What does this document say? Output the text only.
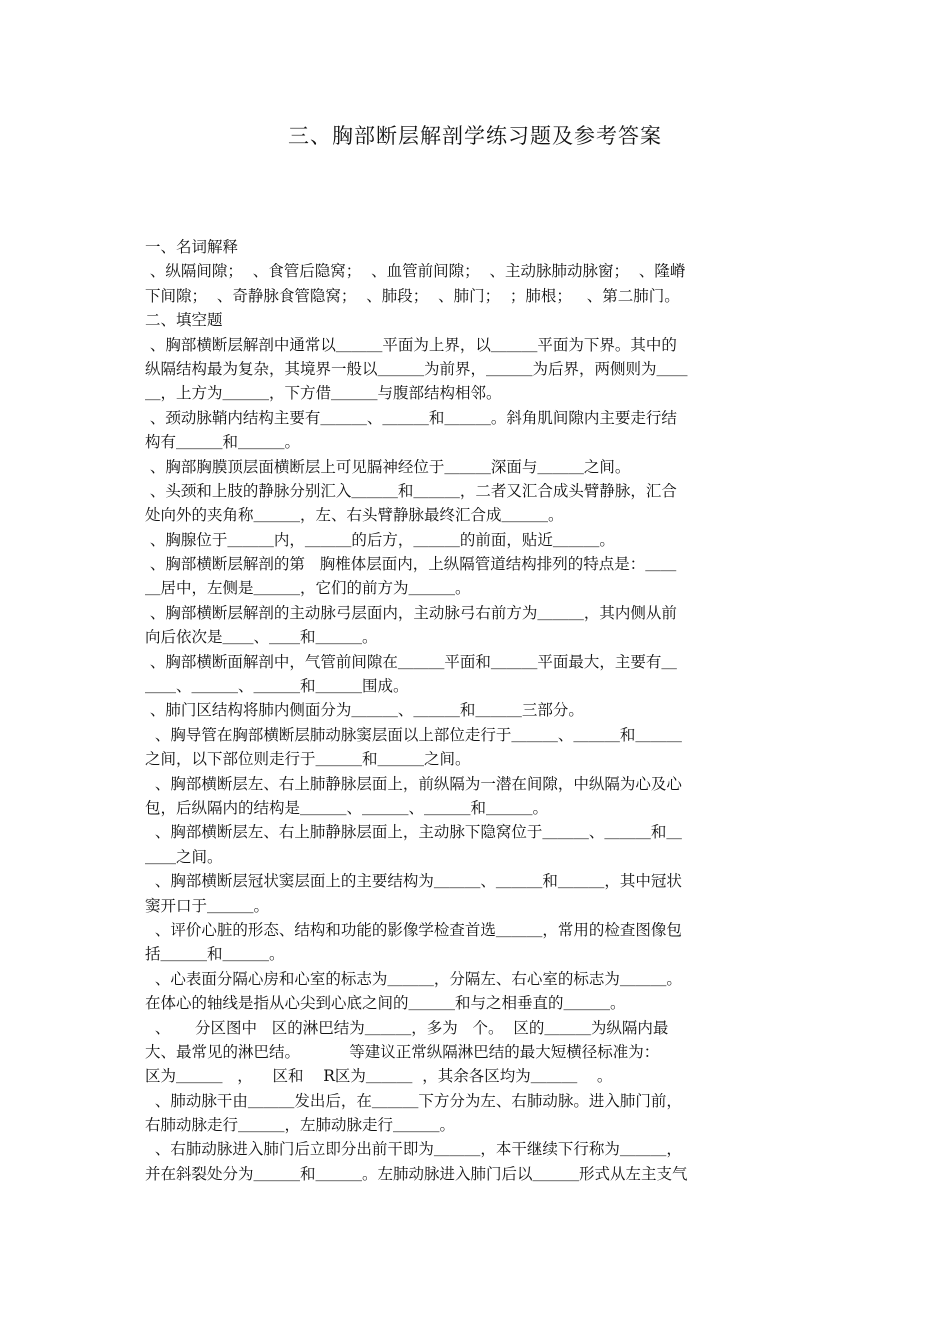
三、胸部断层解剖学练习题及参考答案
一、名词解释
、纵隔间隙；  、食管后隐窝；  、血管前间隙；  、主动脉肺动脉窗；  、隆嵴
下间隙；  、奇静脉食管隐窝；  、肺段；  、肺门；  ；肺根；   、第二肺门。
二、填空题
、胸部横断层解剖中通常以＿＿＿平面为上界，以＿＿＿平面为下界。其中的
纵隔结构最为复杂，其境界一般以＿＿＿为前界，＿＿＿为后界，两侧则为＿＿
＿，上方为＿＿＿，下方借＿＿＿与腹部结构相邻。
、颈动脉鞘内结构主要有＿＿＿、＿＿＿和＿＿＿。斜角肌间隙内主要走行结
构有＿＿＿和＿＿＿。
、胸部胸膜顶层面横断层上可见膈神经位于＿＿＿深面与＿＿＿之间。
、头颈和上肢的静脉分别汇入＿＿＿和＿＿＿，二者又汇合成头臂静脉，汇合
处向外的夹角称＿＿＿，左、右头臂静脉最终汇合成＿＿＿。
、胸腺位于＿＿＿内，＿＿＿的后方，＿＿＿的前面，贴近＿＿＿。
、胸部横断层解剖的第   胸椎体层面内，上纵隔管道结构排列的特点是：＿＿
＿居中，左侧是＿＿＿，它们的前方为＿＿＿。
、胸部横断层解剖的主动脉弓层面内，主动脉弓右前方为＿＿＿，其内侧从前
向后依次是＿＿、＿＿和＿＿＿。
、胸部横断面解剖中，气管前间隙在＿＿＿平面和＿＿＿平面最大，主要有＿
＿＿、＿＿＿、＿＿＿和＿＿＿围成。
、肺门区结构将肺内侧面分为＿＿＿、＿＿＿和＿＿＿三部分。
、胸导管在胸部横断层肺动脉窦层面以上部位走行于＿＿＿、＿＿＿和＿＿＿
之间，以下部位则走行于＿＿＿和＿＿＿之间。
、胸部横断层左、右上肺静脉层面上，前纵隔为一潜在间隙，中纵隔为心及心
包，后纵隔内的结构是＿＿＿、＿＿＿、＿＿＿和＿＿＿。
、胸部横断层左、右上肺静脉层面上，主动脉下隐窝位于＿＿＿、＿＿＿和＿
＿＿之间。
、胸部横断层冠状窦层面上的主要结构为＿＿＿、＿＿＿和＿＿＿，其中冠状
窦开口于＿＿＿。
、评价心脏的形态、结构和功能的影像学检查首选＿＿＿，常用的检查图像包
括＿＿＿和＿＿＿。
、心表面分隔心房和心室的标志为＿＿＿，分隔左、右心室的标志为＿＿＿。
在体心的轴线是指从心尖到心底之间的＿＿＿和与之相垂直的＿＿＿。
、     分区图中   区的淋巴结为＿＿＿，多为   个。  区的＿＿＿为纵隔内最
大、最常见的淋巴结。          等建议正常纵隔淋巴结的最大短横径标准为：
区为＿＿＿   ，    区和    R区为＿＿＿  ，其余各区均为＿＿＿    。
、肺动脉干由＿＿＿发出后，在＿＿＿下方分为左、右肺动脉。进入肺门前，
右肺动脉走行＿＿＿，左肺动脉走行＿＿＿。
、右肺动脉进入肺门后立即分出前干即为＿＿＿，本干继续下行称为＿＿＿，
并在斜裂处分为＿＿＿和＿＿＿。左肺动脉进入肺门后以＿＿＿形式从左主支气
